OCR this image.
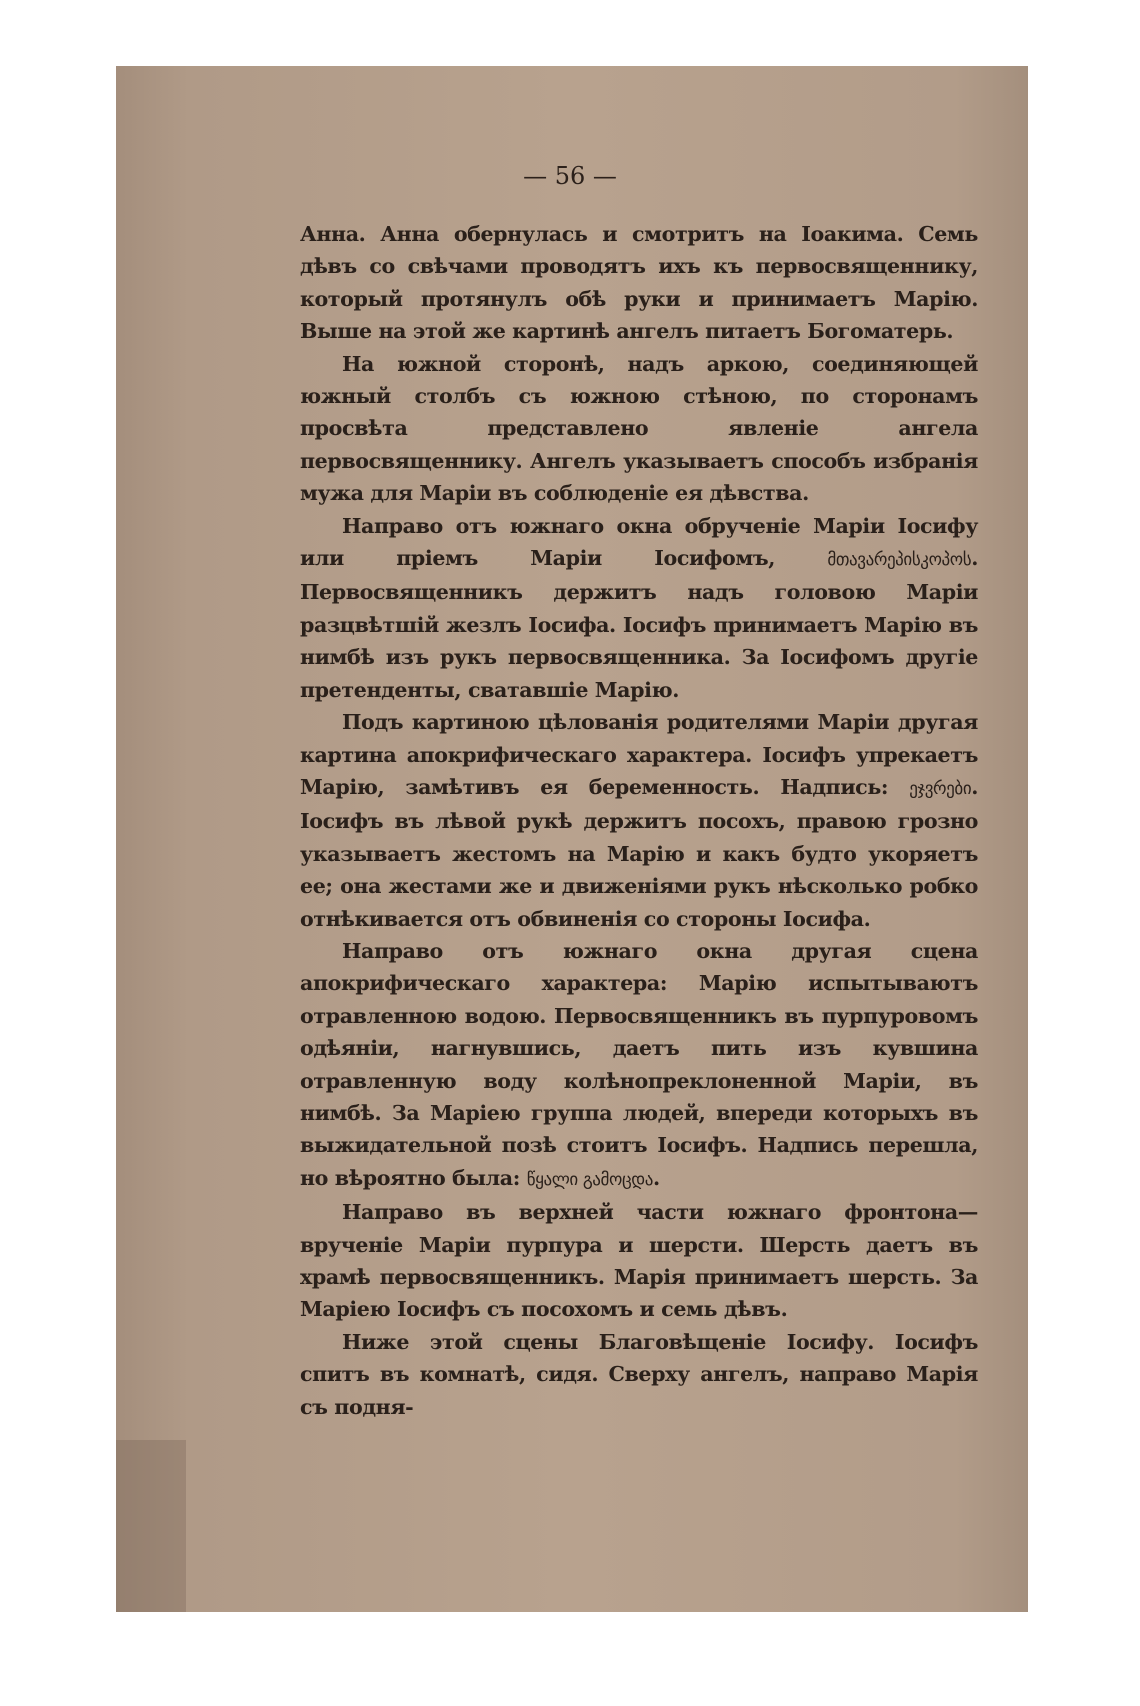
— 56 —

Анна. Анна обернулась и смотритъ на Іоакима. Семь дѣвъ со свѣчами проводятъ ихъ къ первосвященнику, который протянулъ обѣ руки и принимаетъ Марію. Выше на этой же картинѣ ангелъ питаетъ Богоматерь.

На южной сторонѣ, надъ аркою, соединяющей южный столбъ съ южною стѣною, по сторонамъ просвѣта представлено явленіе ангела первосвященнику. Ангелъ указываетъ способъ избранія мужа для Маріи въ соблюденіе ея дѣвства.

Направо отъ южнаго окна обрученіе Маріи Іосифу или пріемъ Маріи Іосифомъ, მთავარეპისკოპოს. Первосвященникъ держитъ надъ головою Маріи разцвѣтшій жезлъ Іосифа. Іосифъ принимаетъ Марію въ нимбѣ изъ рукъ первосвященника. За Іосифомъ другіе претенденты, сватавшіе Марію.

Подъ картиною цѣлованія родителями Маріи другая картина апокрифическаго характера. Іосифъ упрекаетъ Марію, замѣтивъ ея беременность. Надпись: ეჯვრები. Іосифъ въ лѣвой рукѣ держитъ посохъ, правою грозно указываетъ жестомъ на Марію и какъ будто укоряетъ ее; она жестами же и движеніями рукъ нѣсколько робко отнѣкивается отъ обвиненія со стороны Іосифа.

Направо отъ южнаго окна другая сцена апокрифическаго характера: Марію испытываютъ отравленною водою. Первосвященникъ въ пурпуровомъ одѣяніи, нагнувшись, даетъ пить изъ кувшина отравленную воду колѣнопреклоненной Маріи, въ нимбѣ. За Маріею группа людей, впереди которыхъ въ выжидательной позѣ стоитъ Іосифъ. Надпись перешла, но вѣроятно была: წყალი გამოცდა.

Направо въ верхней части южнаго фронтона—врученіе Маріи пурпура и шерсти. Шерсть даетъ въ храмѣ первосвященникъ. Марія принимаетъ шерсть. За Маріею Іосифъ съ посохомъ и семь дѣвъ.

Ниже этой сцены Благовѣщеніе Іосифу. Іосифъ спитъ въ комнатѣ, сидя. Сверху ангелъ, направо Марія съ подня-
